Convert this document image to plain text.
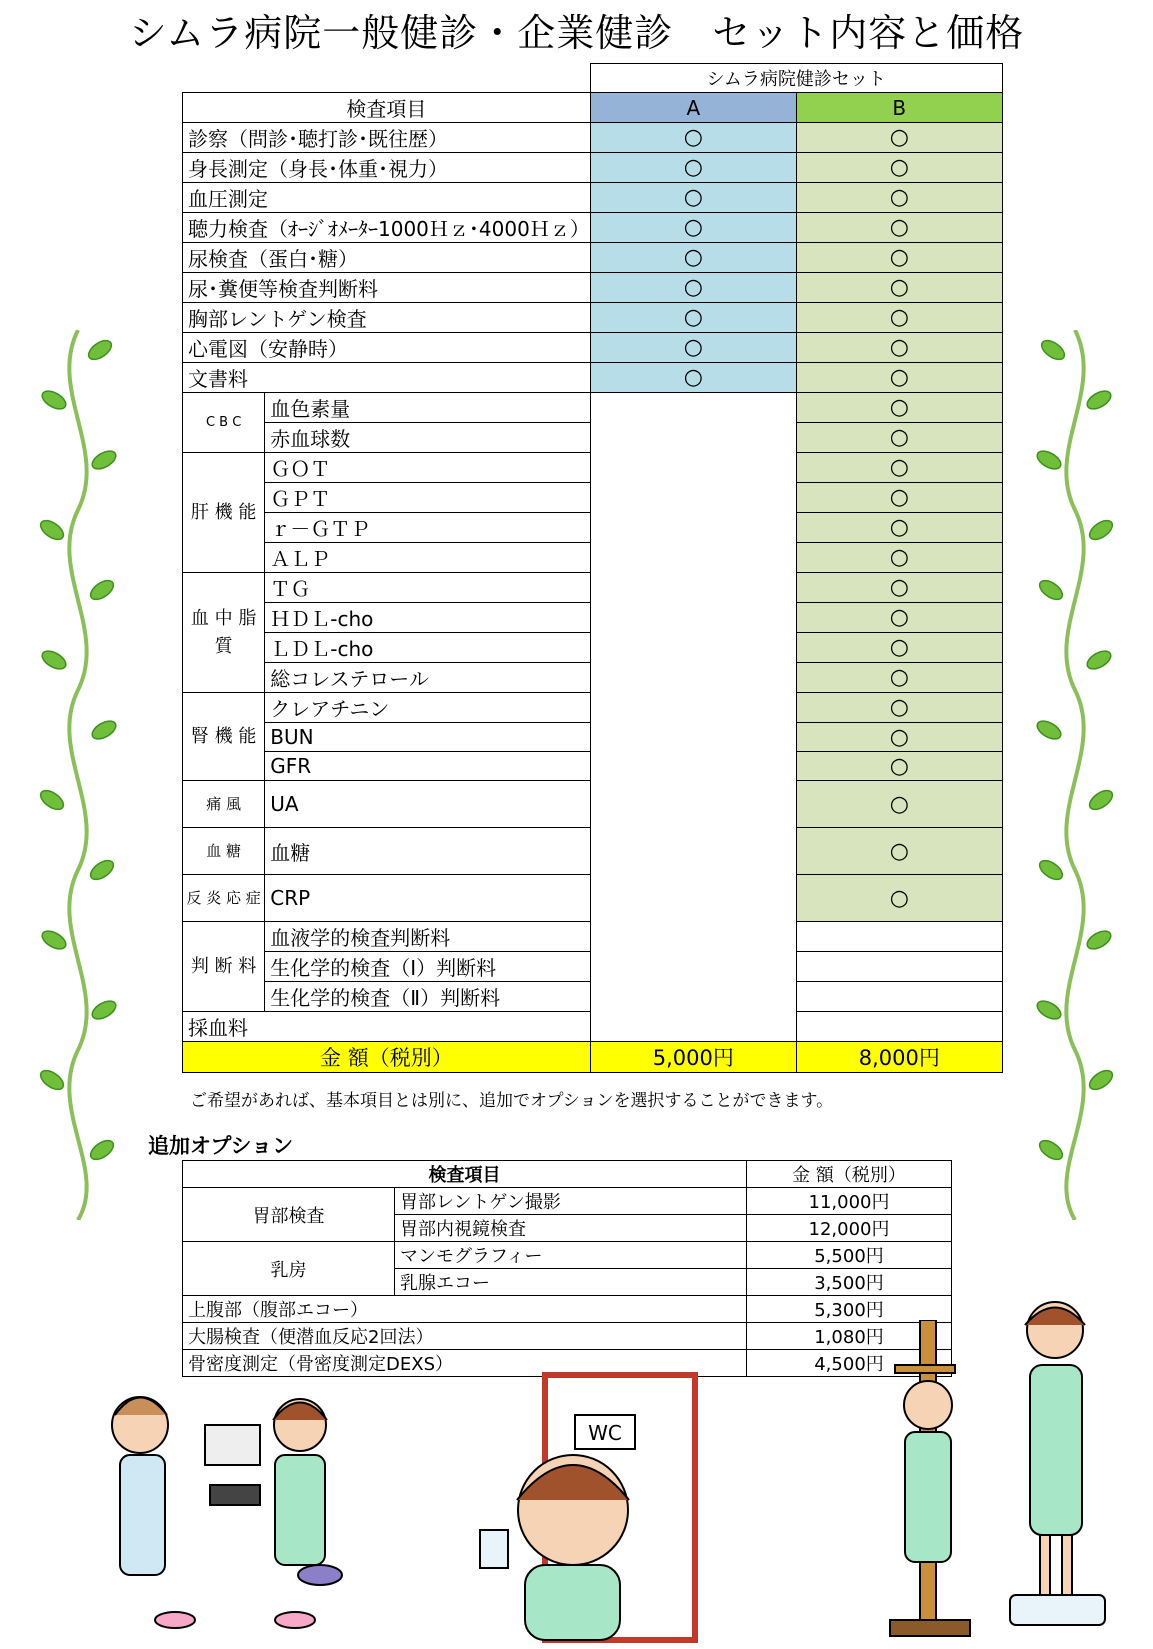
シムラ病院一般健診・企業健診　セット内容と価格
		シムラ病院健診セット	
検査項目		A	B
診察（問診･聴打診･既往歴）		○	○
身長測定（身長･体重･視力）		○	○
血圧測定		○	○
聴力検査（ｵｰｼﾞｵﾒｰﾀｰ1000Ｈｚ･4000Ｈｚ）		○	○
尿検査（蛋白･糖）		○	○
尿･糞便等検査判断料		○	○
胸部レントゲン検査		○	○
心電図（安静時）		○	○
文書料		○	○
C B C	血色素量		○
	赤血球数		○
肝 機 能	ＧＯＴ		○
	ＧＰＴ		○
	ｒ－ＧＴＰ		○
	ＡＬＰ		○
血 中 脂 質	ＴＧ		○
	ＨＤＬ-cho		○
	ＬＤＬ-cho		○
	総コレステロール		○
腎 機 能	クレアチニン		○
	BUN		○
	GFR		○
痛 風	UA		○
血 糖	血糖		○
反 炎 応 症	CRP		○
判 断 料	血液学的検査判断料		
	生化学的検査（Ⅰ）判断料		
	生化学的検査（Ⅱ）判断料		
採血料			
金 額（税別）		5,000円	8,000円
ご希望があれば、基本項目とは別に、追加でオプションを選択することができます。
追加オプション
検査項目		金 額（税別）
胃部検査	胃部レントゲン撮影	11,000円
	胃部内視鏡検査	12,000円
乳房	マンモグラフィー	5,500円
	乳腺エコー	3,500円
上腹部（腹部エコー）		5,300円
大腸検査（便潜血反応2回法）		1,080円
骨密度測定（骨密度測定DEXS）		4,500円
WC
